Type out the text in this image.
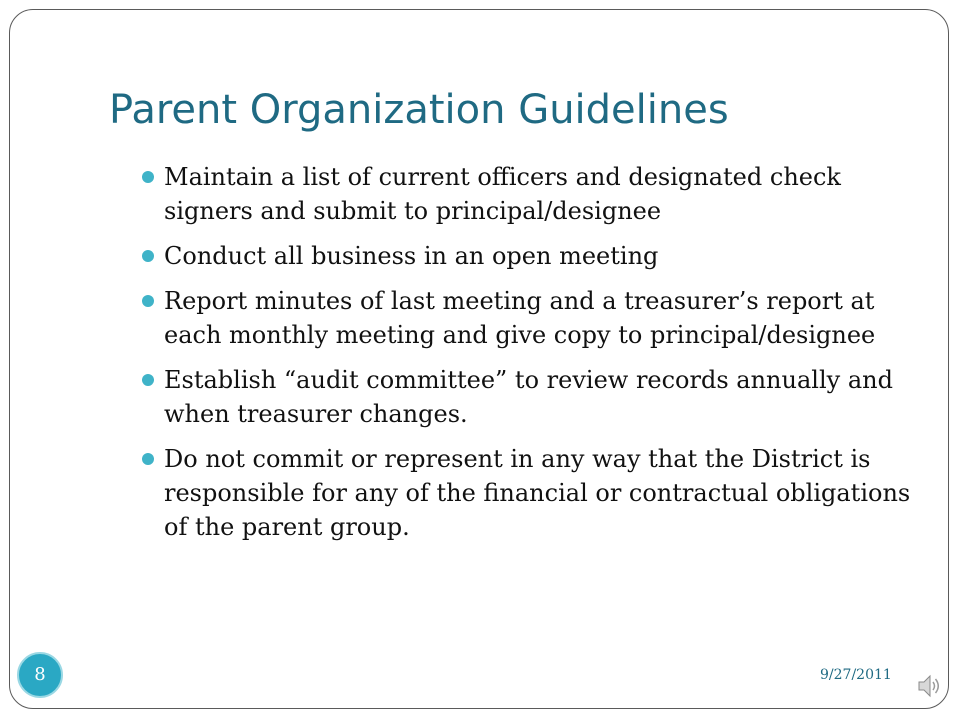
Parent Organization Guidelines
Maintain a list of current officers and designated check signers and submit to principal/designee
Conduct all business in an open meeting
Report minutes of last meeting and a treasurer’s report at each monthly meeting and give copy to principal/designee
Establish “audit committee” to review records annually and when treasurer changes.
Do not commit or represent in any way that the District is responsible for any of the financial or contractual obligations of the parent group.
8	9/27/2011
